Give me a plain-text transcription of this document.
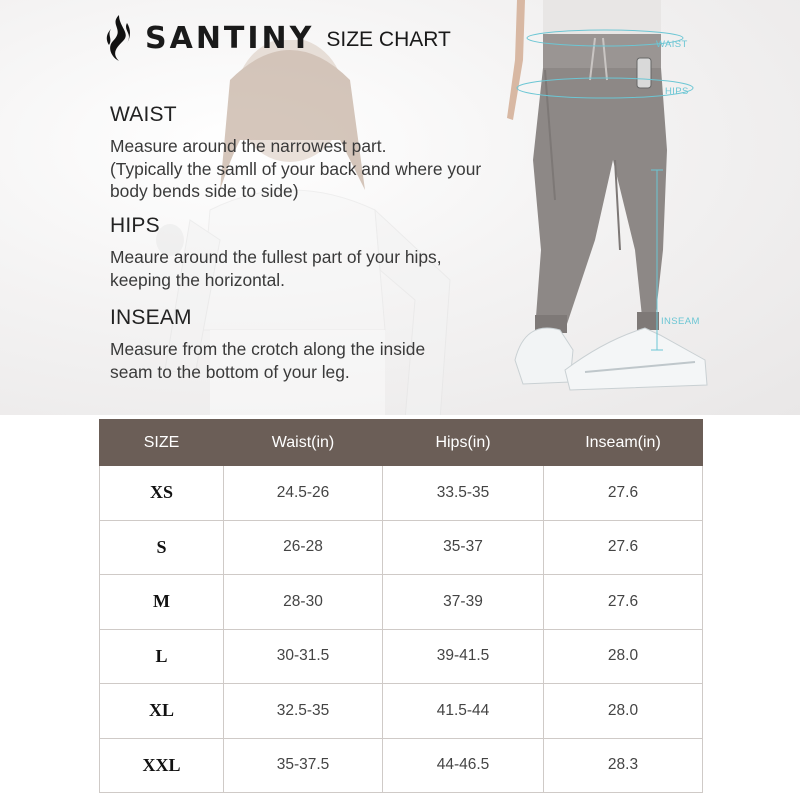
WAIST
HIPS
INSEAM
SANTINY SIZE CHART
WAIST

Measure around the narrowest part.
(Typically the samll of your back and where your
body bends side to side)

HIPS

Meaure around the fullest part of your hips,
keeping the horizontal.

INSEAM

Measure from the crotch along the inside
seam to the bottom of your leg.

SIZE	Waist(in)	Hips(in)	Inseam(in)
XS	24.5-26	33.5-35	27.6
S	26-28	35-37	27.6
M	28-30	37-39	27.6
L	30-31.5	39-41.5	28.0
XL	32.5-35	41.5-44	28.0
XXL	35-37.5	44-46.5	28.3
